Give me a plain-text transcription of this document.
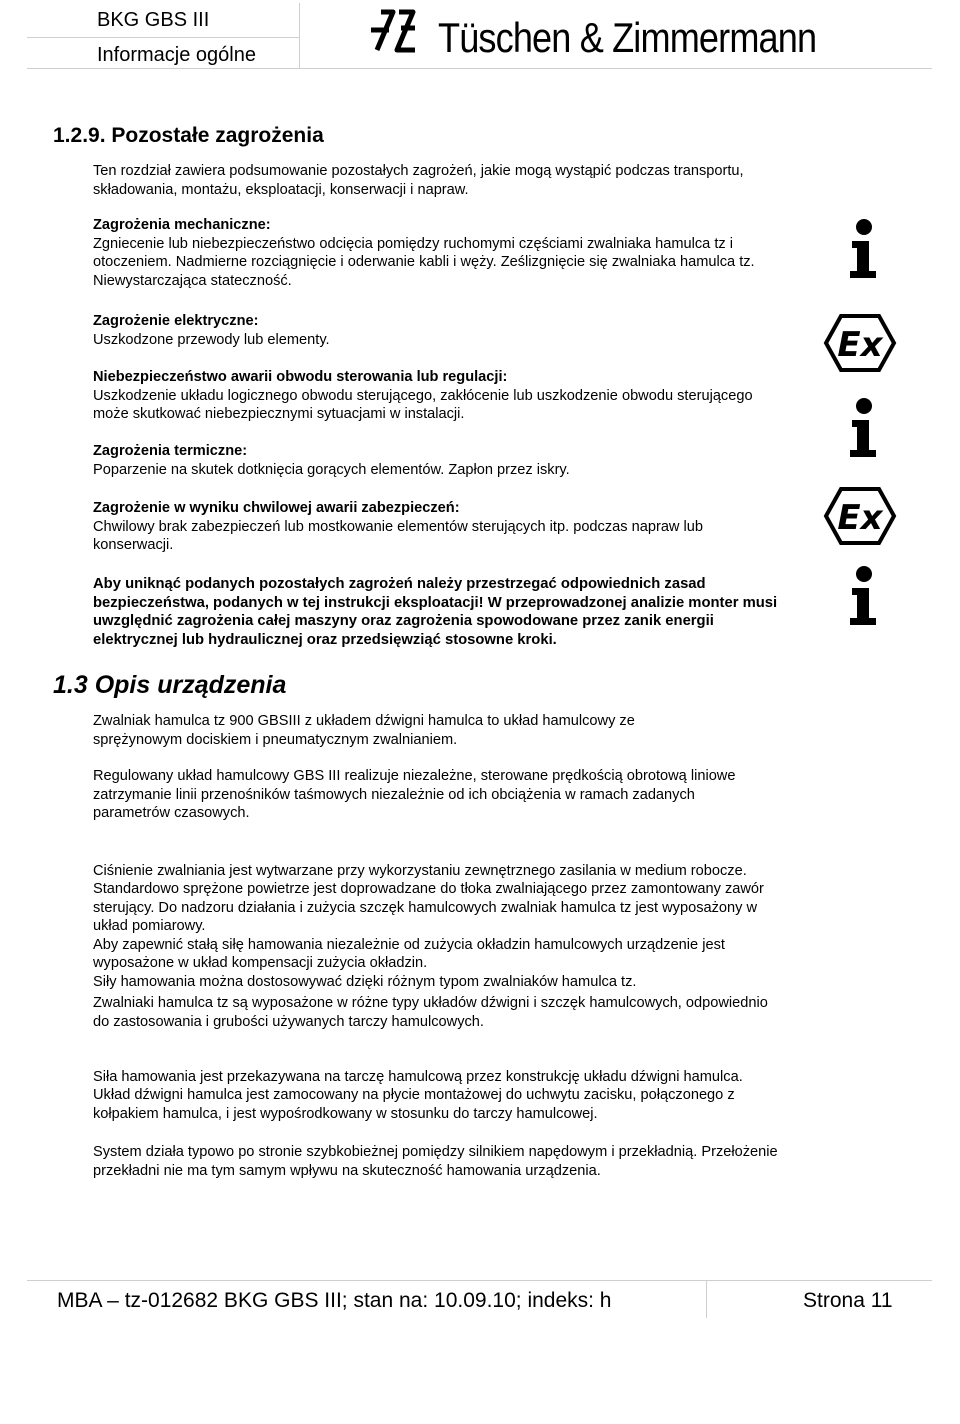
BKG GBS III
Informacje ogólne	Tüschen & Zimmermann
1.2.9. Pozostałe zagrożenia

Ten rozdział zawiera podsumowanie pozostałych zagrożeń, jakie mogą wystąpić podczas transportu, składowania, montażu, eksploatacji, konserwacji i napraw.

Zagrożenia mechaniczne:

Zgniecenie lub niebezpieczeństwo odcięcia pomiędzy ruchomymi częściami zwalniaka hamulca tz i otoczeniem. Nadmierne rozciągnięcie i oderwanie kabli i węży. Ześlizgnięcie się zwalniaka hamulca tz. Niewystarczająca stateczność.

Zagrożenie elektryczne:

Uszkodzone przewody lub elementy.

Niebezpieczeństwo awarii obwodu sterowania lub regulacji:

Uszkodzenie układu logicznego obwodu sterującego, zakłócenie lub uszkodzenie obwodu sterującego może skutkować niebezpiecznymi sytuacjami w instalacji.

Zagrożenia termiczne:

Poparzenie na skutek dotknięcia gorących elementów. Zapłon przez iskry.

Zagrożenie w wyniku chwilowej awarii zabezpieczeń:

Chwilowy brak zabezpieczeń lub mostkowanie elementów sterujących itp. podczas napraw lub konserwacji.

Aby uniknąć podanych pozostałych zagrożeń należy przestrzegać odpowiednich zasad bezpieczeństwa, podanych w tej instrukcji eksploatacji! W przeprowadzonej analizie monter musi uwzględnić zagrożenia całej maszyny oraz zagrożenia spowodowane przez zanik energii elektrycznej lub hydraulicznej oraz przedsięwziąć stosowne kroki.

Ex
Ex
1.3 Opis urządzenia

Zwalniak hamulca tz 900 GBSIII z układem dźwigni hamulca to układ hamulcowy ze sprężynowym dociskiem i pneumatycznym zwalnianiem.

Regulowany układ hamulcowy GBS III realizuje niezależne, sterowane prędkością obrotową liniowe zatrzymanie linii przenośników taśmowych niezależnie od ich obciążenia w ramach zadanych parametrów czasowych.

Ciśnienie zwalniania jest wytwarzane przy wykorzystaniu zewnętrznego zasilania w medium robocze. Standardowo sprężone powietrze jest doprowadzane do tłoka zwalniającego przez zamontowany zawór sterujący. Do nadzoru działania i zużycia szczęk hamulcowych zwalniak hamulca tz jest wyposażony w układ pomiarowy.
Aby zapewnić stałą siłę hamowania niezależnie od zużycia okładzin hamulcowych urządzenie jest wyposażone w układ kompensacji zużycia okładzin.
Siły hamowania można dostosowywać dzięki różnym typom zwalniaków hamulca tz.

Zwalniaki hamulca tz są wyposażone w różne typy układów dźwigni i szczęk hamulcowych, odpowiednio do zastosowania i grubości używanych tarczy hamulcowych.

Siła hamowania jest przekazywana na tarczę hamulcową przez konstrukcję układu dźwigni hamulca.
Układ dźwigni hamulca jest zamocowany na płycie montażowej do uchwytu zacisku, połączonego z kołpakiem hamulca, i jest wypośrodkowany w stosunku do tarczy hamulcowej.

System działa typowo po stronie szybkobieżnej pomiędzy silnikiem napędowym i przekładnią. Przełożenie przekładni nie ma tym samym wpływu na skuteczność hamowania urządzenia.

MBA – tz-012682 BKG GBS III; stan na: 10.09.10; indeks: h	Strona 11
